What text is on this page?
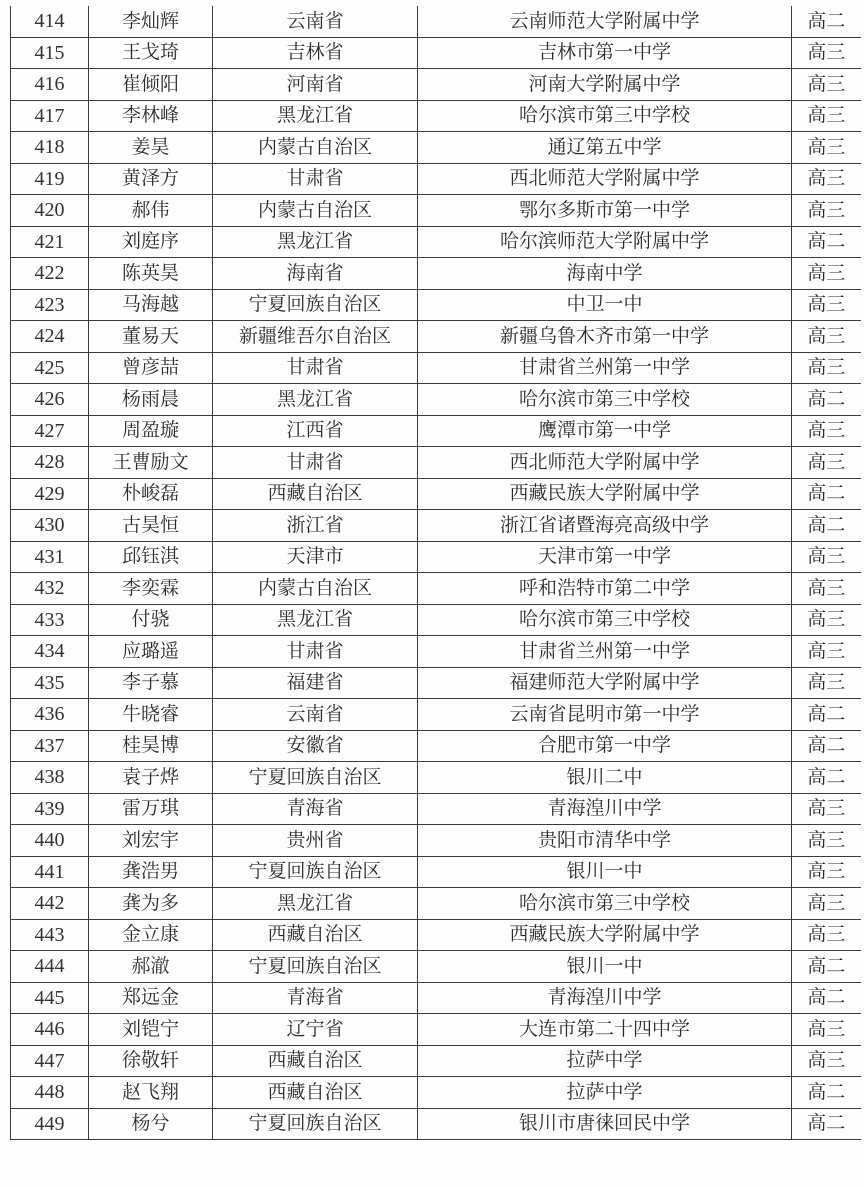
414	李灿辉	云南省	云南师范大学附属中学	高二
415	王戈琦	吉林省	吉林市第一中学	高三
416	崔倾阳	河南省	河南大学附属中学	高三
417	李林峰	黑龙江省	哈尔滨市第三中学校	高三
418	姜昊	内蒙古自治区	通辽第五中学	高三
419	黄泽方	甘肃省	西北师范大学附属中学	高三
420	郝伟	内蒙古自治区	鄂尔多斯市第一中学	高三
421	刘庭序	黑龙江省	哈尔滨师范大学附属中学	高二
422	陈英昊	海南省	海南中学	高三
423	马海越	宁夏回族自治区	中卫一中	高三
424	董易天	新疆维吾尔自治区	新疆乌鲁木齐市第一中学	高三
425	曾彦喆	甘肃省	甘肃省兰州第一中学	高三
426	杨雨晨	黑龙江省	哈尔滨市第三中学校	高二
427	周盈璇	江西省	鹰潭市第一中学	高三
428	王曹励文	甘肃省	西北师范大学附属中学	高三
429	朴峻磊	西藏自治区	西藏民族大学附属中学	高二
430	古昊恒	浙江省	浙江省诸暨海亮高级中学	高二
431	邱钰淇	天津市	天津市第一中学	高三
432	李奕霖	内蒙古自治区	呼和浩特市第二中学	高三
433	付骁	黑龙江省	哈尔滨市第三中学校	高三
434	应璐遥	甘肃省	甘肃省兰州第一中学	高三
435	李子慕	福建省	福建师范大学附属中学	高三
436	牛晓睿	云南省	云南省昆明市第一中学	高二
437	桂昊博	安徽省	合肥市第一中学	高二
438	袁子烨	宁夏回族自治区	银川二中	高二
439	雷万琪	青海省	青海湟川中学	高三
440	刘宏宇	贵州省	贵阳市清华中学	高三
441	龚浩男	宁夏回族自治区	银川一中	高三
442	龚为多	黑龙江省	哈尔滨市第三中学校	高三
443	金立康	西藏自治区	西藏民族大学附属中学	高三
444	郝澈	宁夏回族自治区	银川一中	高二
445	郑远金	青海省	青海湟川中学	高二
446	刘铠宁	辽宁省	大连市第二十四中学	高三
447	徐敬轩	西藏自治区	拉萨中学	高三
448	赵飞翔	西藏自治区	拉萨中学	高二
449	杨兮	宁夏回族自治区	银川市唐徕回民中学	高二
